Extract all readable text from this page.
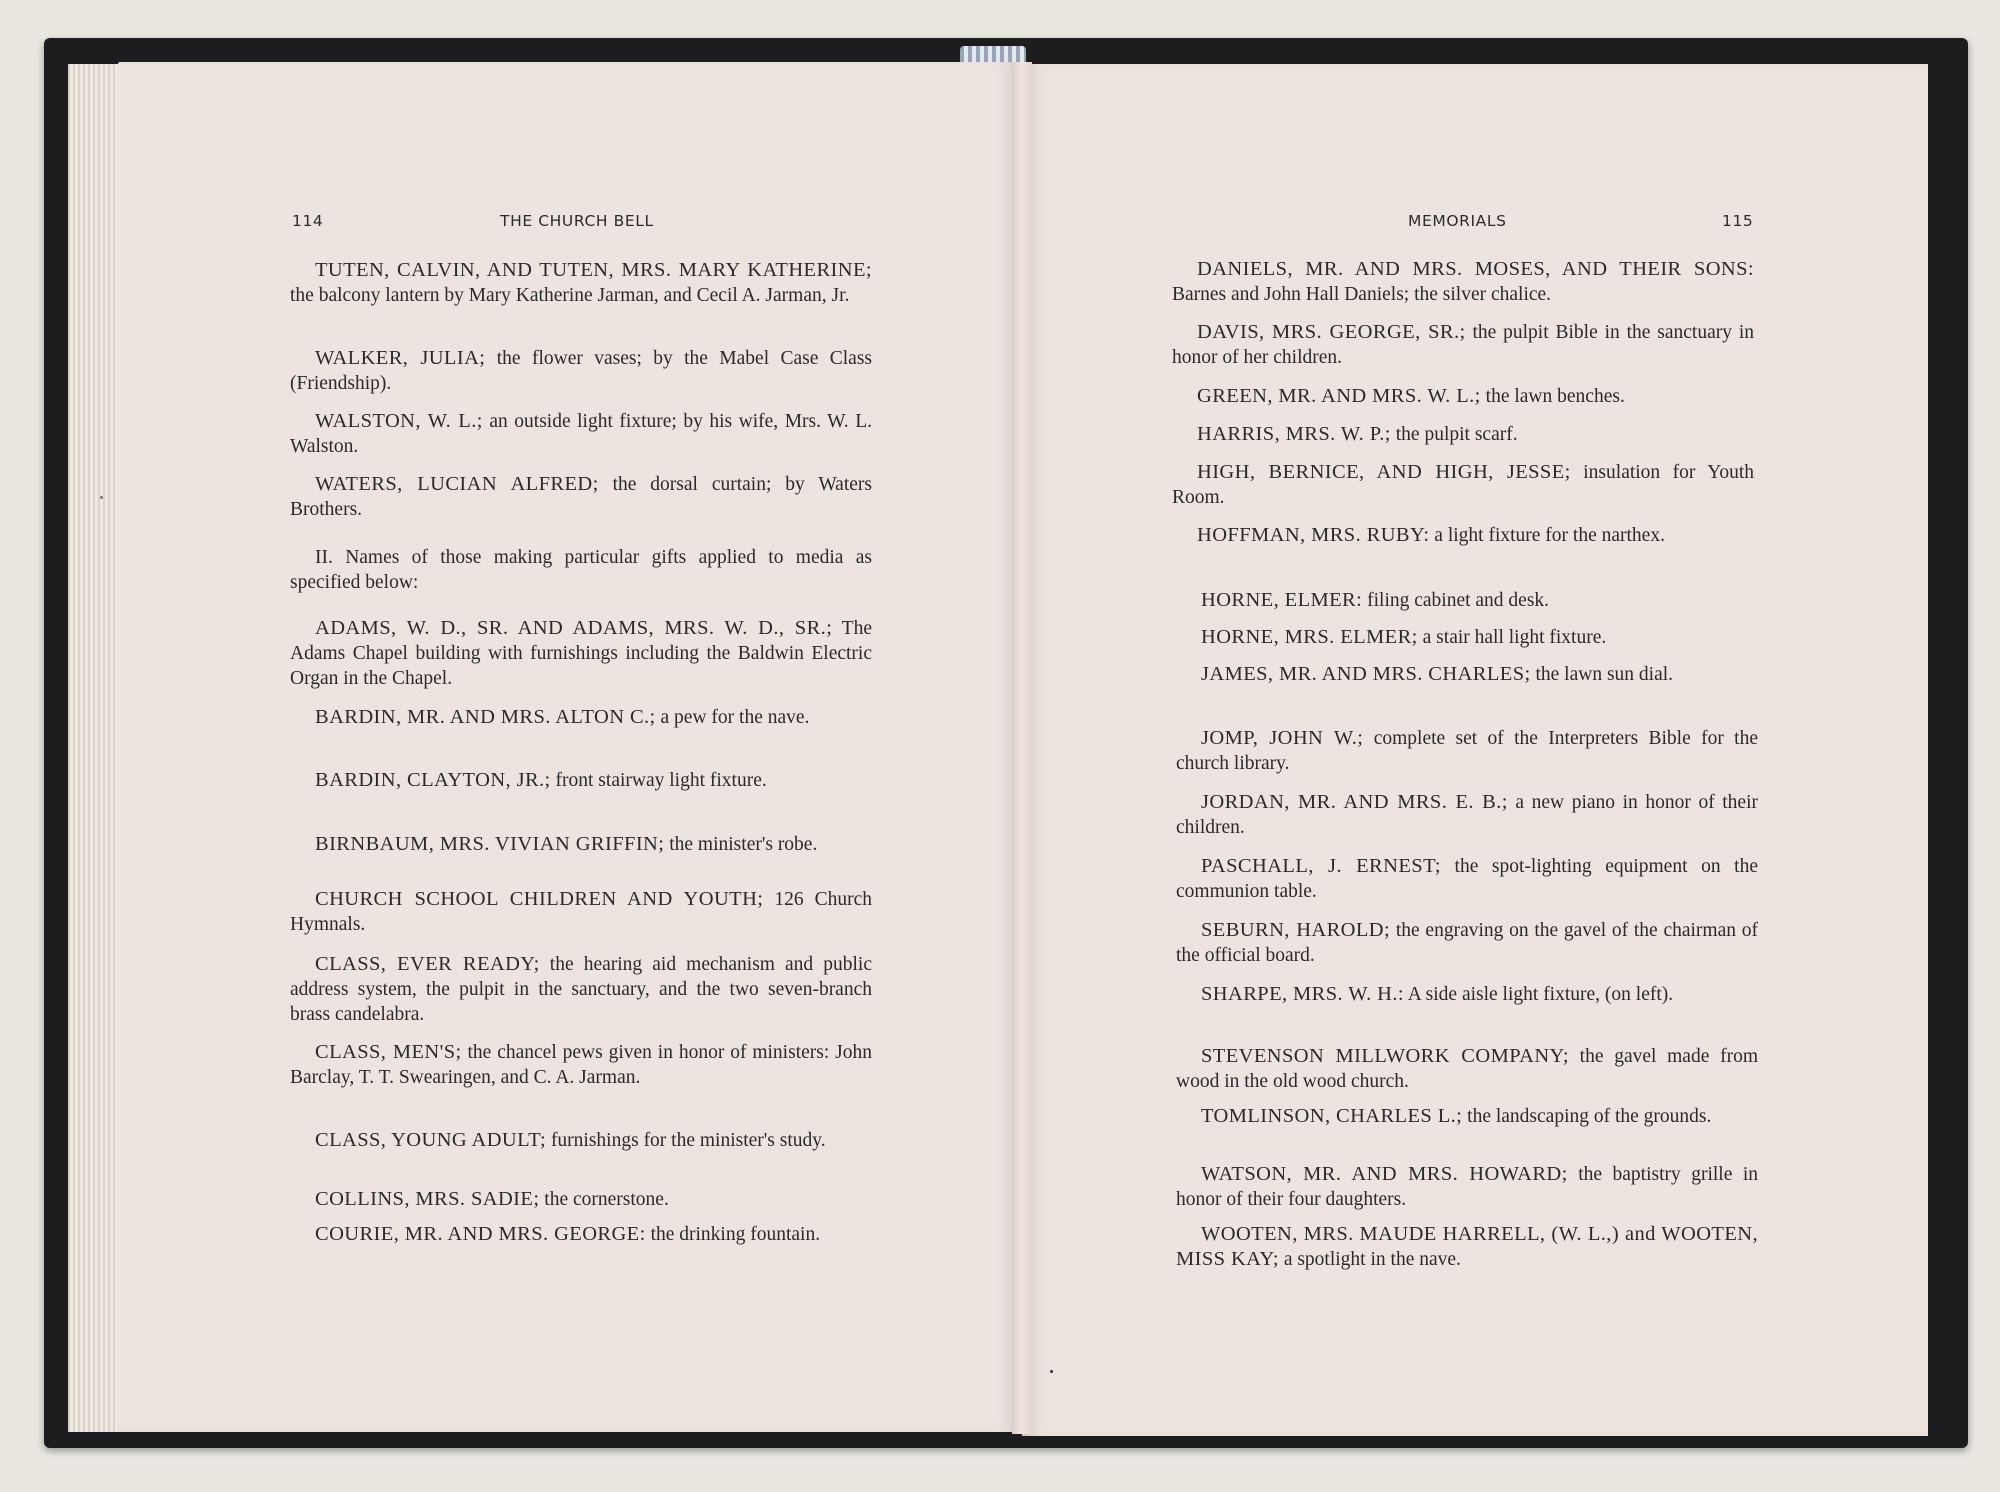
114	THE CHURCH BELL	MEMORIALS	115

TUTEN, CALVIN, AND TUTEN, MRS. MARY KATHERINE; the balcony lantern by Mary Katherine Jarman, and Cecil A. Jarman, Jr.

WALKER, JULIA; the flower vases; by the Mabel Case Class (Friendship).

WALSTON, W. L.; an outside light fixture; by his wife, Mrs. W. L. Walston.

WATERS, LUCIAN ALFRED; the dorsal curtain; by Waters Brothers.

II. Names of those making particular gifts applied to media as specified below:

ADAMS, W. D., SR. AND ADAMS, MRS. W. D., SR.; The Adams Chapel building with furnishings including the Baldwin Electric Organ in the Chapel.

BARDIN, MR. AND MRS. ALTON C.; a pew for the nave.

BARDIN, CLAYTON, JR.; front stairway light fixture.

BIRNBAUM, MRS. VIVIAN GRIFFIN; the minister's robe.

CHURCH SCHOOL CHILDREN AND YOUTH; 126 Church Hymnals.

CLASS, EVER READY; the hearing aid mechanism and public address system, the pulpit in the sanctuary, and the two seven-branch brass candelabra.

CLASS, MEN'S; the chancel pews given in honor of ministers: John Barclay, T. T. Swearingen, and C. A. Jarman.

CLASS, YOUNG ADULT; furnishings for the minister's study.

COLLINS, MRS. SADIE; the cornerstone.

COURIE, MR. AND MRS. GEORGE: the drinking fountain.

DANIELS, MR. AND MRS. MOSES, AND THEIR SONS: Barnes and John Hall Daniels; the silver chalice.

DAVIS, MRS. GEORGE, SR.; the pulpit Bible in the sanctuary in honor of her children.

GREEN, MR. AND MRS. W. L.; the lawn benches.

HARRIS, MRS. W. P.; the pulpit scarf.

HIGH, BERNICE, AND HIGH, JESSE; insulation for Youth Room.

HOFFMAN, MRS. RUBY: a light fixture for the narthex.

HORNE, ELMER: filing cabinet and desk.

HORNE, MRS. ELMER; a stair hall light fixture.

JAMES, MR. AND MRS. CHARLES; the lawn sun dial.

JOMP, JOHN W.; complete set of the Interpreters Bible for the church library.

JORDAN, MR. AND MRS. E. B.; a new piano in honor of their children.

PASCHALL, J. ERNEST; the spot-lighting equipment on the communion table.

SEBURN, HAROLD; the engraving on the gavel of the chairman of the official board.

SHARPE, MRS. W. H.: A side aisle light fixture, (on left).

STEVENSON MILLWORK COMPANY; the gavel made from wood in the old wood church.

TOMLINSON, CHARLES L.; the landscaping of the grounds.

WATSON, MR. AND MRS. HOWARD; the baptistry grille in honor of their four daughters.

WOOTEN, MRS. MAUDE HARRELL, (W. L.,) and WOOTEN, MISS KAY; a spotlight in the nave.
